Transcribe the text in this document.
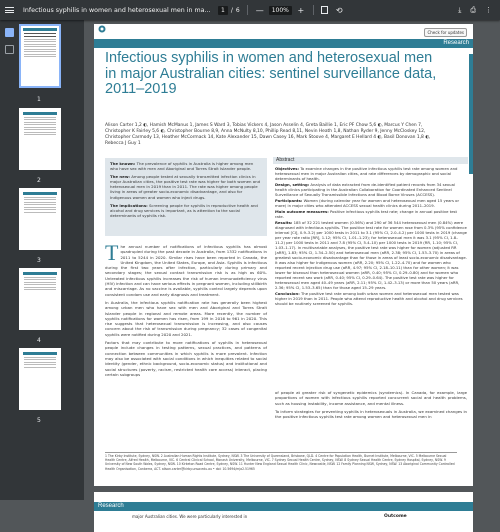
Infectious syphilis in women and heterosexual men in ma...	1	/ 6 —	100%	+	⟲	⤓ ⎙ ⋮
1
2
3
4
5
Check for updates
Research
Infectious syphilis in women and heterosexual men in major Australian cities: sentinel surveillance data, 2011–2019
Alison Carter 1,2 ◐, Hamish McManus 1, James S Ward 3, Tobias Vickers 4, Jason Asselin 4, Greta Baillie 1, Eric PF Chow 5,6 ◐, Marcus Y Chen 7, Christopher K Fairley 5,6 ◐, Christopher Bourne 8,9, Anna McNulty 8,10, Phillip Read 8,11, Nevin Heath 1,8, Nathan Ryder 9, Jenny McCloskey 12, Christopher Carmody 13, Heather McCormack 14, Kate Alexander 15, Dawn Casey 16, Mark Stoove 4, Margaret E Hellard 4 ◐, Basil Donovan 1,8 ◐, Rebecca J Guy 1

The known: The prevalence of syphilis in Australia is higher among men who have sex with men and Aboriginal and Torres Strait Islander people.

The new: Among people tested at sexually transmitted infection clinics in major Australian cities, the positive test rate was higher for both women and heterosexual men in 2019 than in 2011. The rate was higher among people living in areas of greater socio-economic disadvantage, and also for Indigenous women and women who inject drugs.

The implications: Screening people for syphilis in reproductive health and alcohol and drug services is important, as is attention to the social determinants of syphilis risk.

Abstract

Objectives: To examine changes in the positive infectious syphilis test rate among women and heterosexual men in major Australian cities, and rate differences by demographic and social determinants of health.

Design, setting: Analysis of data extracted from de-identified patient records from 34 sexual health clinics participating in the Australian Collaboration for Coordinated Enhanced Sentinel Surveillance of Sexually Transmissible Infections and Blood Borne Viruses (ACCESS).

Participants: Women (during calendar year for women and heterosexual men aged 15 years or more) in major cities who attended ACCESS sexual health clinics during 2011–2019.

Main outcome measures: Positive infectious syphilis test rate; change in annual positive test rate.

Results: 185 of 32 221 tested women (0.56%) and 290 of 36 544 heterosexual men (0.84%) were diagnosed with infectious syphilis. The positive test rate for women rose from 0.3% (95% confidence interval [CI], 0.9–3.2) per 1000 tests in 2011 to 3.1 (95% CI, 2.0–4.2) per 1000 tests in 2019 (change per year rate ratio [RR], 1.12; 95% CI, 1.01–1.23); for heterosexual men it was 3.1 (95% CI, 1.8–11.2) per 1000 tests in 2011 and 7.8 (95% CI, 5.4–10) per 1000 tests in 2019 (RR, 1.10; 95% CI, 1.03–1.17). In multivariable analyses, the positive test rate was higher for women (adjusted RR [aRR], 1.83; 95% CI, 1.34–2.50) and heterosexual men (aRR, 2.38; 95% CI, 1.53–3.70) in areas of greatest socio-economic disadvantage than for those in areas of least socio-economic disadvantage. It was also higher for Indigenous women (aRR, 2.20; 95% CI, 1.22–4.70) and for women who reported recent injection drug use (aRR, 4.97; 95% CI, 2.18–10.11) than for other women; it was lower for bisexual than heterosexual women (aRR, 0.40; 95% CI, 0.29–0.80) and for women who reported recent sex work (aRR, 0.40; 95% CI, 0.29–0.64). The positive test rate was higher for heterosexual men aged 40–49 years (aRR, 2.11; 95% CI, 1.42–3.13) or more than 50 years (aRR, 2.36; 95% CI, 1.53–3.65) than for those aged 15–29 years.

Conclusion: The positive test rate among both urban women and heterosexual men tested was higher in 2019 than in 2011. People who attend reproductive health and alcohol and drug services should be routinely screened for syphilis.

The annual number of notifications of infectious syphilis has almost quadrupled during the past decade in Australia, from 1332 notifications in 2011 to 5244 in 2020. Similar rises have been reported in Canada, the United Kingdom, the United States, Europe, and Asia. Syphilis is infectious during the first two years after infection, particularly during primary and secondary stages; the sexual contact transmission risk is as high as 60%. Untreated infectious syphilis increases the risk of human immunodeficiency virus (HIV) infection and can have serious effects in pregnant women, including stillbirth and miscarriage. As no vaccine is available, syphilis control largely depends upon consistent condom use and early diagnosis and treatment.

In Australia, the infectious syphilis notification rate has generally been highest among urban men who have sex with men and Aboriginal and Torres Strait Islander people in regional and remote areas. More recently, the number of syphilis notifications for women has risen, from 199 in 2016 to 961 in 2020. This rise suggests that heterosexual transmission is increasing, and also causes concern about the risk of transmission during pregnancy; 32 cases of congenital syphilis were notified during 2020 and 2021.

Factors that may contribute to more notifications of syphilis in heterosexual people include changes in testing patterns, sexual practices, and patterns of connection between communities in which syphilis is more prevalent. Infection may also be associated with social conditions in which inequities related to social identity (gender, ethnic background, socio-economic status) and institutional and social structures (poverty, racism, restricted health care access) interact, placing certain subgroups

of people at greater risk of syngenetic epidemics (syndemics). In Canada, for example, large proportions of women with infectious syphilis reported concurrent social and health problems, such as housing instability, income assistance, and mental illness.

To inform strategies for preventing syphilis in heterosexuals in Australia, we examined changes in the positive infectious syphilis test rate among women and heterosexual men in

1 The Kirby Institute, Sydney, NSW. 2 Australian Human Rights Institute, Sydney, NSW. 3 The University of Queensland, Brisbane, QLD. 4 Centre for Population Health, Burnet Institute, Melbourne, VIC. 5 Melbourne Sexual Health Centre, Alfred Health, Melbourne, VIC. 6 Central Clinical School, Monash University, Melbourne, VIC. 7 Sydney Sexual Health Centre, Sydney, NSW. 8 Sydney Sexual Health Centre, Sydney Hospital, Sydney, NSW. 9 University of New South Wales, Sydney, NSW. 10 Kirketon Road Centre, Sydney, NSW. 11 Hunter New England Sexual Health Clinic, Newcastle, NSW. 12 Family Planning NSW, Sydney, NSW. 13 Aboriginal Community Controlled Health Organisation, Canberra, ACT. alison.carter@kirby.unsw.edu.au • doi: 10.5694/mja2.51965
Research
major Australian cities. We were particularly interested in	Outcome
